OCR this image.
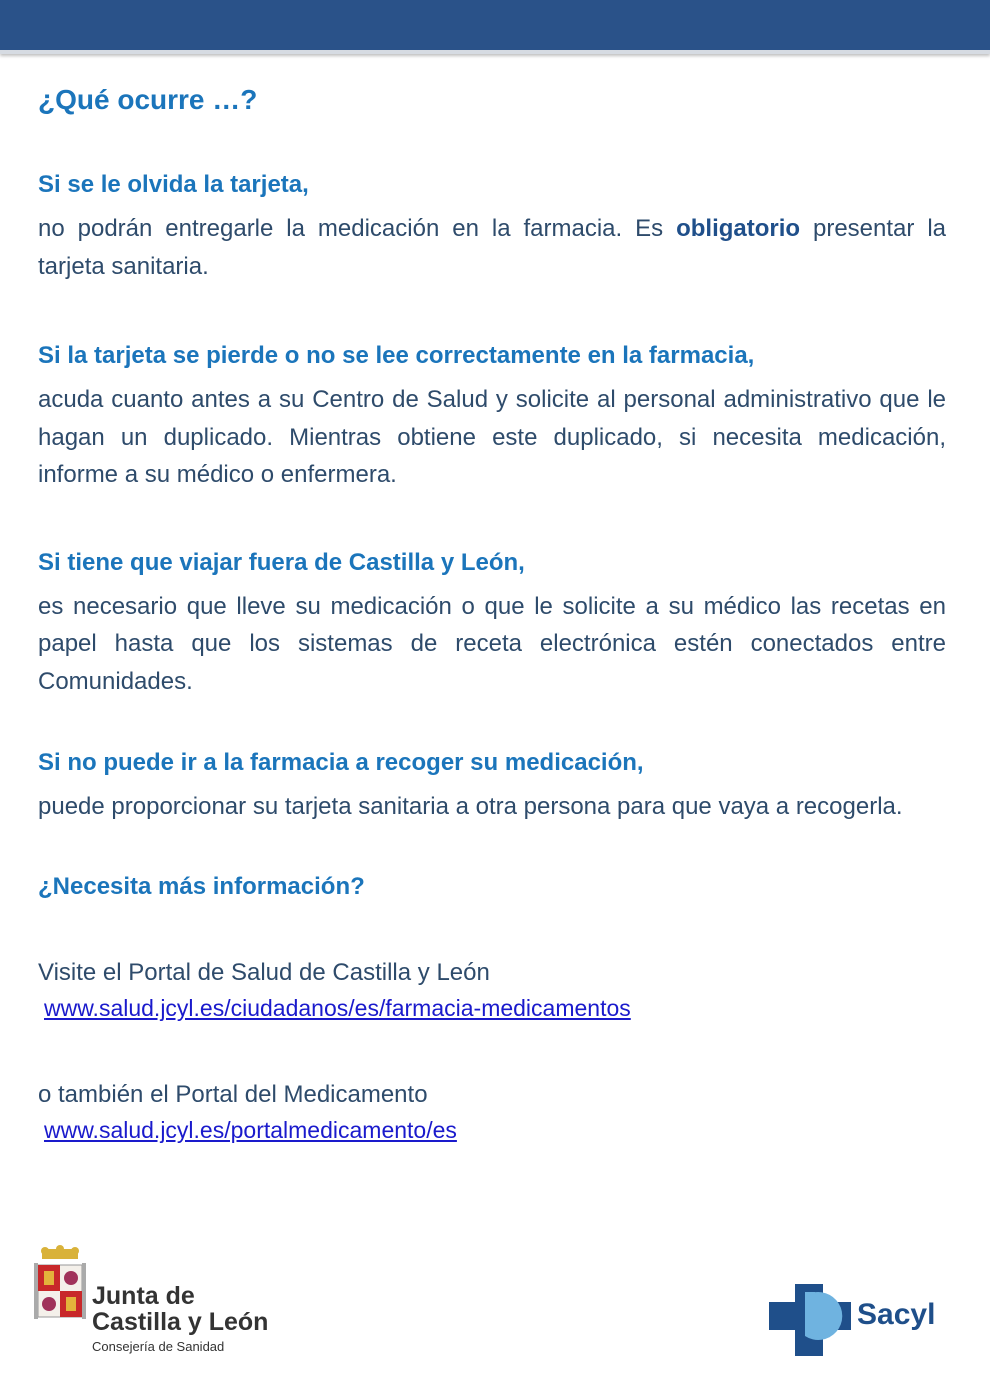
¿Qué ocurre …?
Si se le olvida la tarjeta,
no podrán entregarle la medicación en la farmacia. Es obligatorio presentar la tarjeta sanitaria.
Si la tarjeta se pierde o no se lee correctamente en la farmacia,
acuda cuanto antes a su Centro de Salud y solicite al personal administrativo que le hagan un duplicado. Mientras obtiene este duplicado, si necesita medicación, informe a su médico o enfermera.
Si tiene que viajar fuera de Castilla y León,
es necesario que lleve su medicación o que le solicite a su médico las recetas en papel hasta que los sistemas de receta electrónica estén conectados entre Comunidades.
Si no puede ir a la farmacia a recoger su medicación,
puede proporcionar su tarjeta sanitaria a otra persona para que vaya a recogerla.
¿Necesita más información?
Visite el Portal de Salud de Castilla y León
www.salud.jcyl.es/ciudadanos/es/farmacia-medicamentos
o también el Portal del Medicamento
www.salud.jcyl.es/portalmedicamento/es
Junta de
Castilla y León
Consejería de Sanidad
Sacyl
